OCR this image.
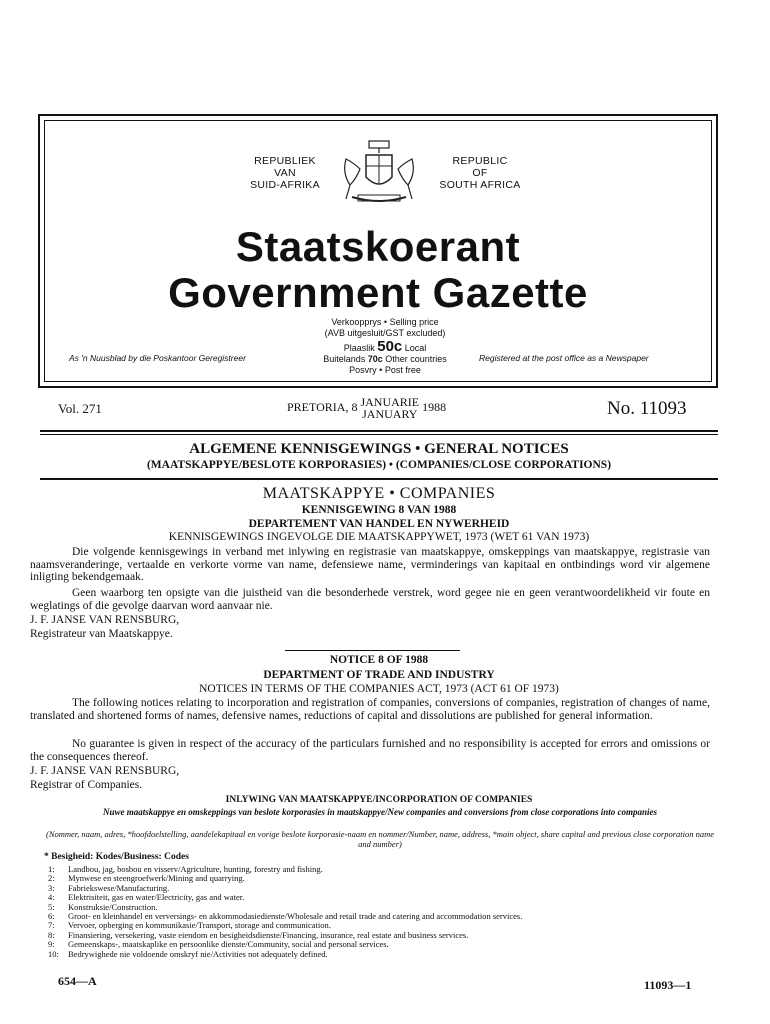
REPUBLIEK
VAN
SUID-AFRIKA
REPUBLIC
OF
SOUTH AFRICA
Staatskoerant
Government Gazette
Verkoopprys • Selling price
(AVB uitgesluit/GST excluded)
Plaaslik 50c Local
Buitelands 70c Other countries
Posvry • Post free
As 'n Nuusblad by die Poskantoor Geregistreer	Registered at the post office as a Newspaper
Vol. 271	PRETORIA, 8 JANUARIE
JANUARY 1988	No. 11093
ALGEMENE KENNISGEWINGS • GENERAL NOTICES
(MAATSKAPPYE/BESLOTE KORPORASIES) • (COMPANIES/CLOSE CORPORATIONS)
MAATSKAPPYE • COMPANIES
KENNISGEWING 8 VAN 1988
DEPARTEMENT VAN HANDEL EN NYWERHEID
KENNISGEWINGS INGEVOLGE DIE MAATSKAPPYWET, 1973 (WET 61 VAN 1973)
Die volgende kennisgewings in verband met inlywing en registrasie van maatskappye, omskeppings van maatskappye, registrasie van naamsveranderinge, vertaalde en verkorte vorme van name, defensiewe name, verminderings van kapitaal en ontbindings word vir algemene inligting bekendgemaak.
Geen waarborg ten opsigte van die juistheid van die besonderhede verstrek, word gegee nie en geen verantwoordelikheid vir foute en weglatings of die gevolge daarvan word aanvaar nie.
J. F. JANSE VAN RENSBURG,
Registrateur van Maatskappye.
NOTICE 8 OF 1988
DEPARTMENT OF TRADE AND INDUSTRY
NOTICES IN TERMS OF THE COMPANIES ACT, 1973 (ACT 61 OF 1973)
The following notices relating to incorporation and registration of companies, conversions of companies, registration of changes of name, translated and shortened forms of names, defensive names, reductions of capital and dissolutions are published for general information.
No guarantee is given in respect of the accuracy of the particulars furnished and no responsibility is accepted for errors and omissions or the consequences thereof.
J. F. JANSE VAN RENSBURG,
Registrar of Companies.
INLYWING VAN MAATSKAPPYE/INCORPORATION OF COMPANIES
Nuwe maatskappye en omskeppings van beslote korporasies in maatskappye/New companies and conversions from close corporations into companies
(Nommer, naam, adres, *hoofdoelstelling, aandelekapitaal en vorige beslote korporasie-naam en nommer/Number, name, address, *main object, share capital and previous close corporation name and number)
* Besigheid: Kodes/Business: Codes
1:	Landbou, jag, bosbou en visserv/Agriculture, hunting, forestry and fishing.
2:	Mynwese en steengroefwerk/Mining and quarrying.
3:	Fabriekswese/Manufacturing.
4:	Elektrisiteit, gas en water/Electricity, gas and water.
5:	Konstruksie/Construction.
6:	Groot- en kleinhandel en verversings- en akkommodasiedienste/Wholesale and retail trade and catering and accommodation services.
7:	Vervoer, opberging en kommunikasie/Transport, storage and communication.
8:	Finansiering, versekering, vaste eiendom en besigheidsdienste/Financing, insurance, real estate and business services.
9:	Gemeenskaps-, maatskaplike en persoonlike dienste/Community, social and personal services.
10:	Bedrywighede nie voldoende omskryf nie/Activities not adequately defined.
654—A	11093—1
